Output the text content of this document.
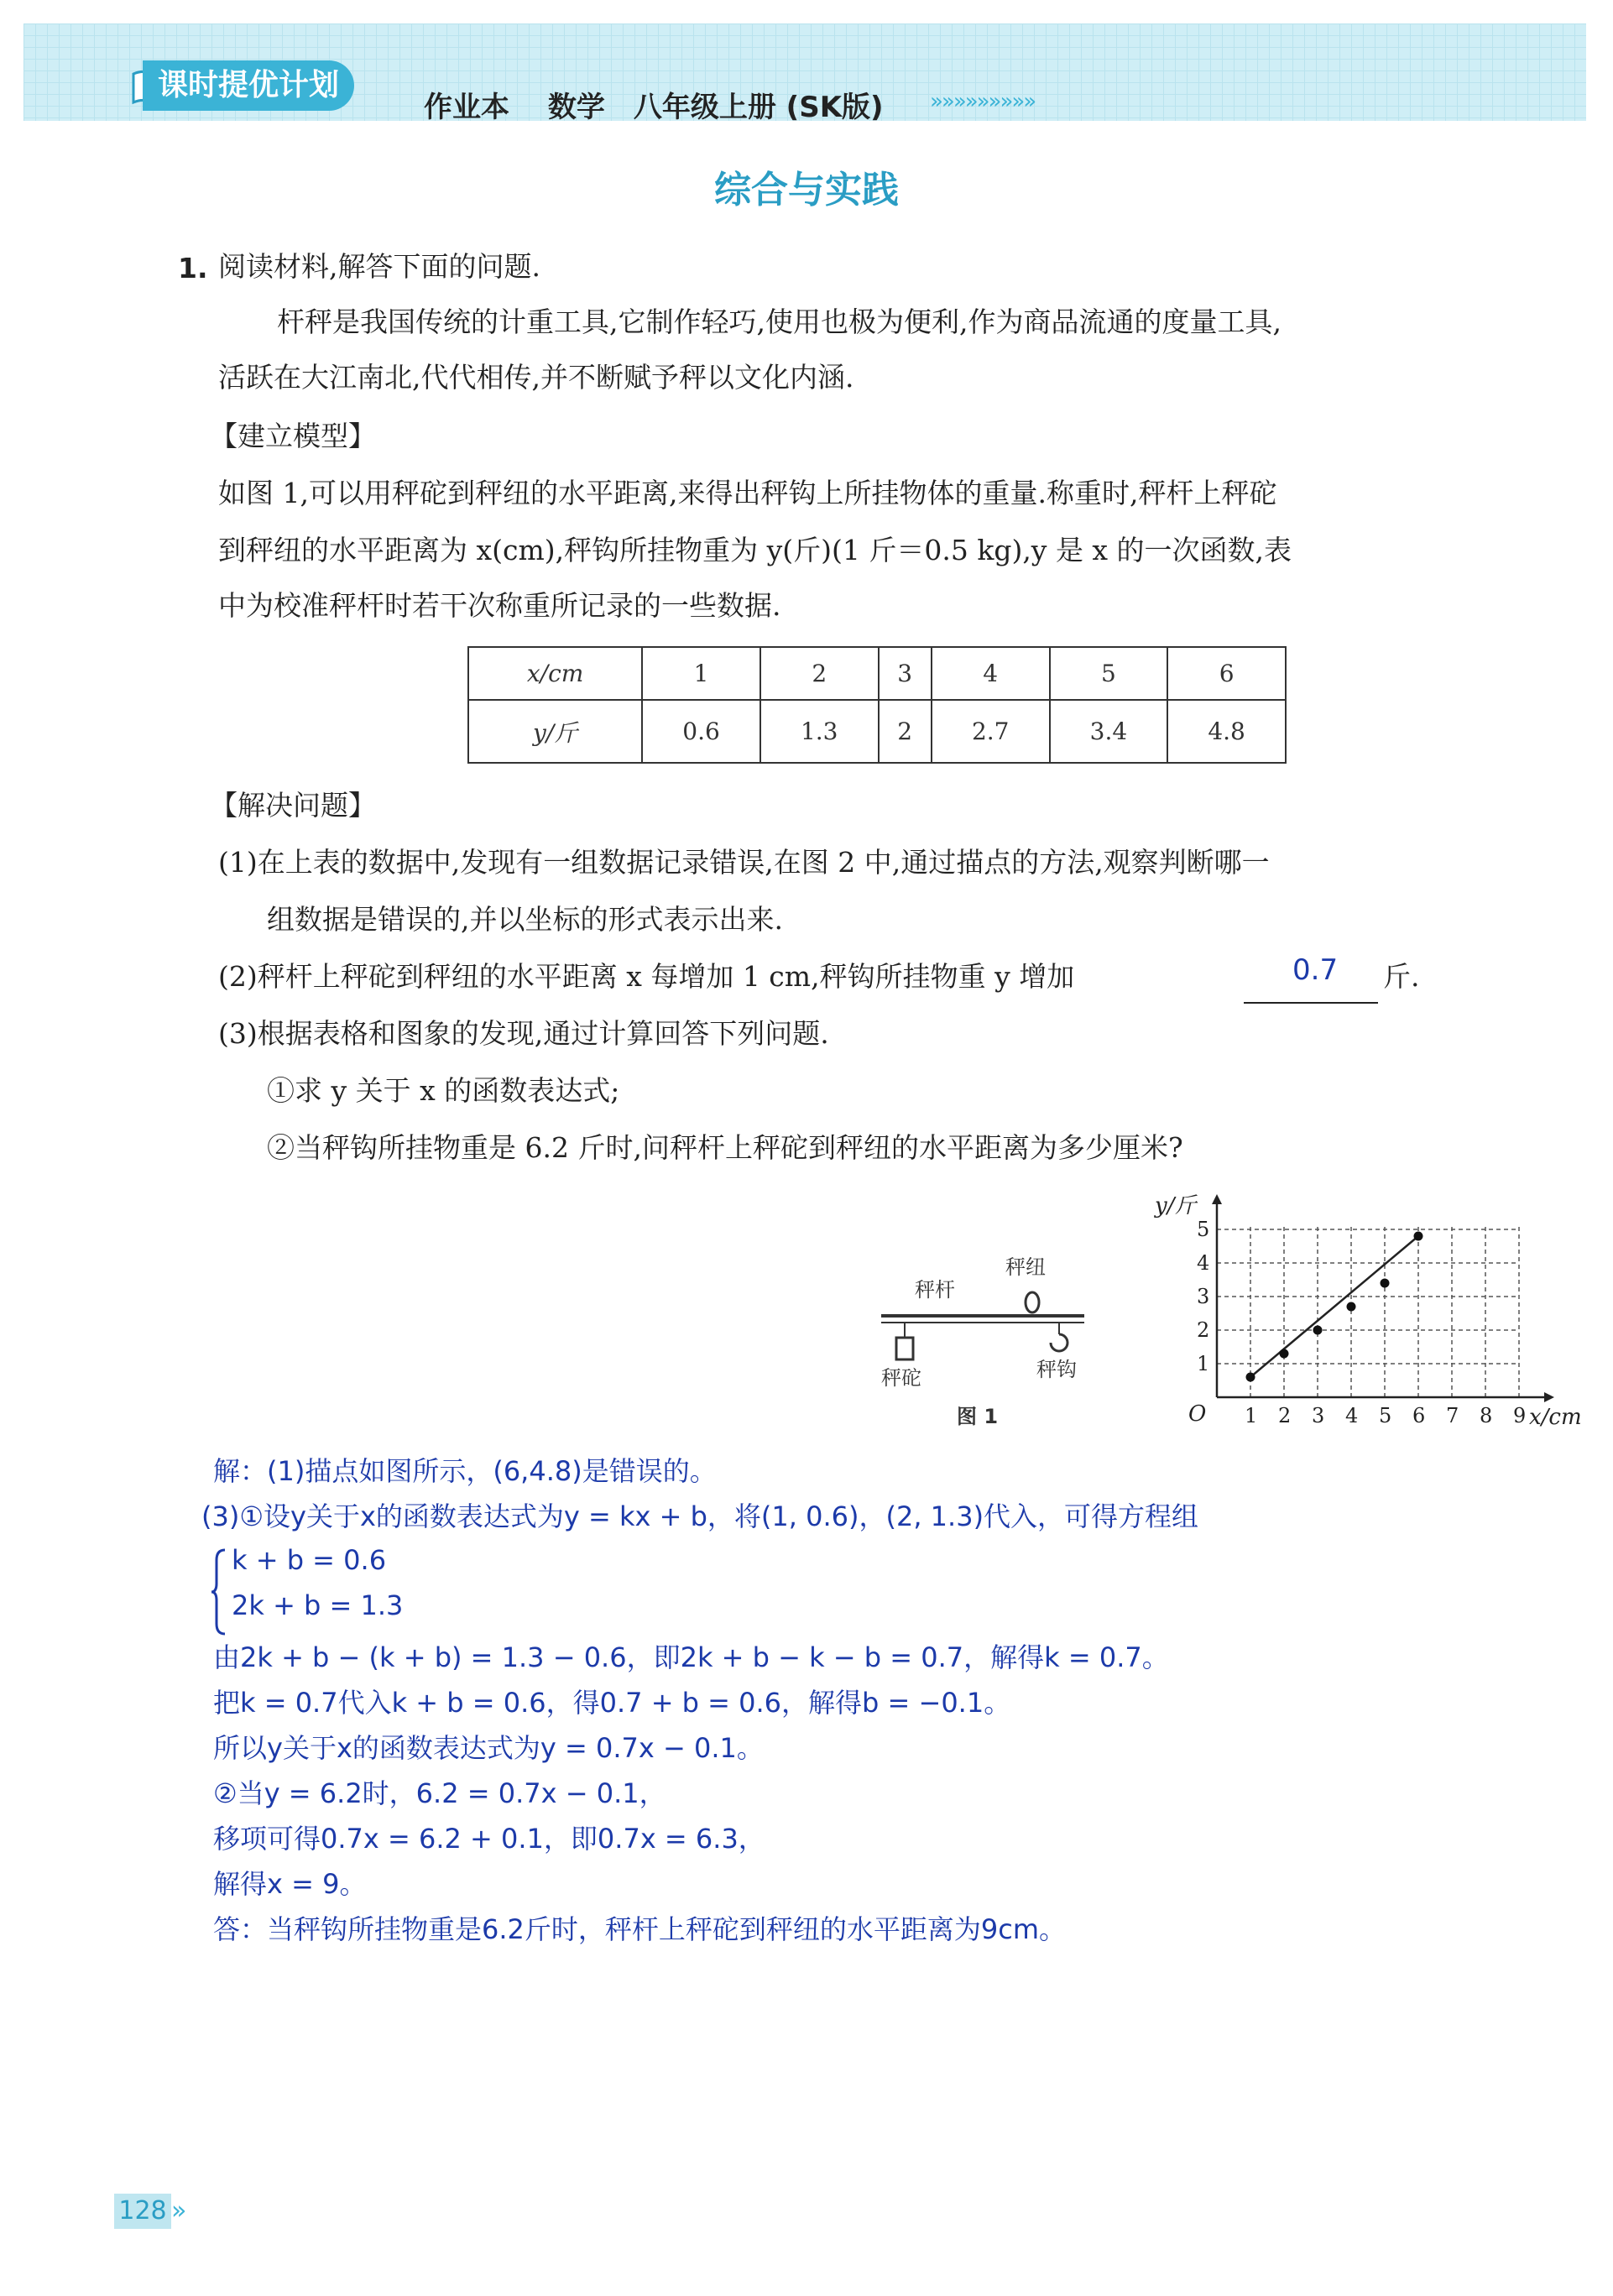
课时提优计划
作业本　 数学　八年级上册 (SK版) »»»»»»»»»
综合与实践
1. 阅读材料,解答下面的问题.
杆秤是我国传统的计重工具,它制作轻巧,使用也极为便利,作为商品流通的度量工具,
活跃在大江南北,代代相传,并不断赋予秤以文化内涵.
【建立模型】
如图 1,可以用秤砣到秤纽的水平距离,来得出秤钩上所挂物体的重量.称重时,秤杆上秤砣
到秤纽的水平距离为 x(cm),秤钩所挂物重为 y(斤)(1 斤＝0.5 kg),y 是 x 的一次函数,表
中为校准秤杆时若干次称重所记录的一些数据.
x/cm	1	2	3	4	5	6
y/斤	0.6	1.3	2	2.7	3.4	4.8
【解决问题】
(1)在上表的数据中,发现有一组数据记录错误,在图 2 中,通过描点的方法,观察判断哪一
组数据是错误的,并以坐标的形式表示出来.
(2)秤杆上秤砣到秤纽的水平距离 x 每增加 1 cm,秤钩所挂物重 y 增加	0.7 斤.
(3)根据表格和图象的发现,通过计算回答下列问题.
①求 y 关于 x 的函数表达式;
②当秤钩所挂物重是 6.2 斤时,问秤杆上秤砣到秤纽的水平距离为多少厘米?
秤杆
秤纽
秤砣	秤钩
图 1
y/斤
x/cm
O 1 2 3 4 5 6 7 8 9
1
2
3
4
5
解：(1)描点如图所示，(6,4.8)是错误的。
(3)①设y关于x的函数表达式为y = kx + b，将(1, 0.6)，(2, 1.3)代入，可得方程组
k + b = 0.6
2k + b = 1.3
由2k + b − (k + b) = 1.3 − 0.6，即2k + b − k − b = 0.7，解得k = 0.7。
把k = 0.7代入k + b = 0.6，得0.7 + b = 0.6，解得b = −0.1。
所以y关于x的函数表达式为y = 0.7x − 0.1。
②当y = 6.2时，6.2 = 0.7x − 0.1，
移项可得0.7x = 6.2 + 0.1，即0.7x = 6.3，
解得x = 9。
答：当秤钩所挂物重是6.2斤时，秤杆上秤砣到秤纽的水平距离为9cm。
128 »
